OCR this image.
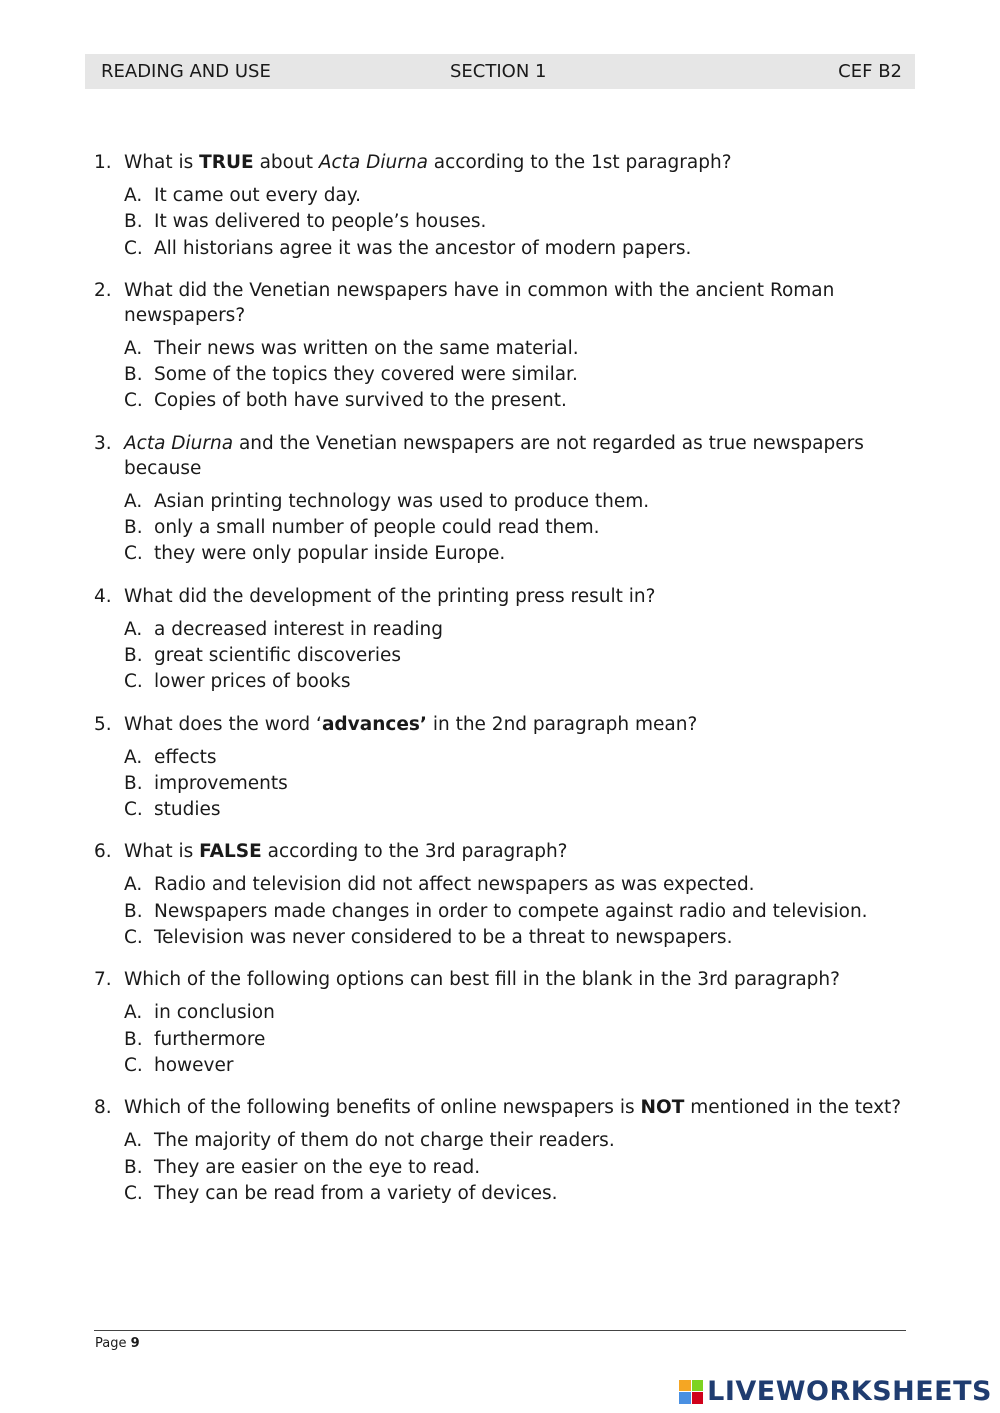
READING AND USE	SECTION 1	CEF B2
1. What is TRUE about Acta Diurna according to the 1st paragraph?
A. It came out every day.
B. It was delivered to people’s houses.
C. All historians agree it was the ancestor of modern papers.
2. What did the Venetian newspapers have in common with the ancient Roman newspapers?
A. Their news was written on the same material.
B. Some of the topics they covered were similar.
C. Copies of both have survived to the present.
3. Acta Diurna and the Venetian newspapers are not regarded as true newspapers because
A. Asian printing technology was used to produce them.
B. only a small number of people could read them.
C. they were only popular inside Europe.
4. What did the development of the printing press result in?
A. a decreased interest in reading
B. great scientific discoveries
C. lower prices of books
5. What does the word ‘advances’ in the 2nd paragraph mean?
A. effects
B. improvements
C. studies
6. What is FALSE according to the 3rd paragraph?
A. Radio and television did not affect newspapers as was expected.
B. Newspapers made changes in order to compete against radio and television.
C. Television was never considered to be a threat to newspapers.
7. Which of the following options can best fill in the blank in the 3rd paragraph?
A. in conclusion
B. furthermore
C. however
8. Which of the following benefits of online newspapers is NOT mentioned in the text?
A. The majority of them do not charge their readers.
B. They are easier on the eye to read.
C. They can be read from a variety of devices.
Page 9
LIVEWORKSHEETS
